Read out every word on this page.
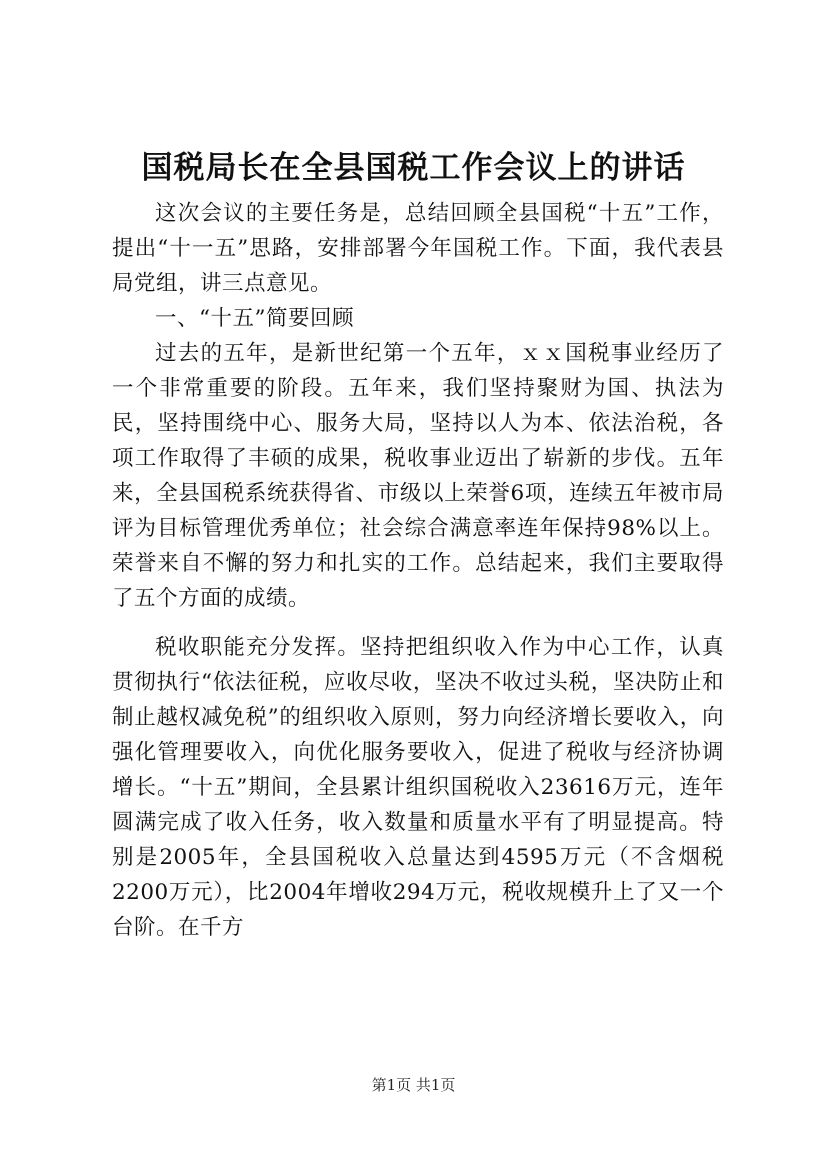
国税局长在全县国税工作会议上的讲话

这次会议的主要任务是，总结回顾全县国税“十五”工作，提出“十一五”思路，安排部署今年国税工作。下面，我代表县局党组，讲三点意见。

一、“十五”简要回顾

过去的五年，是新世纪第一个五年，ｘｘ国税事业经历了一个非常重要的阶段。五年来，我们坚持聚财为国、执法为民，坚持围绕中心、服务大局，坚持以人为本、依法治税，各项工作取得了丰硕的成果，税收事业迈出了崭新的步伐。五年来，全县国税系统获得省、市级以上荣誉6项，连续五年被市局评为目标管理优秀单位；社会综合满意率连年保持98%以上。荣誉来自不懈的努力和扎实的工作。总结起来，我们主要取得了五个方面的成绩。

税收职能充分发挥。坚持把组织收入作为中心工作，认真贯彻执行“依法征税，应收尽收，坚决不收过头税，坚决防止和制止越权减免税”的组织收入原则，努力向经济增长要收入，向强化管理要收入，向优化服务要收入，促进了税收与经济协调增长。“十五”期间，全县累计组织国税收入23616万元，连年圆满完成了收入任务，收入数量和质量水平有了明显提高。特别是2005年，全县国税收入总量达到4595万元（不含烟税2200万元），比2004年增收294万元，税收规模升上了又一个台阶。在千方

第1页 共1页
